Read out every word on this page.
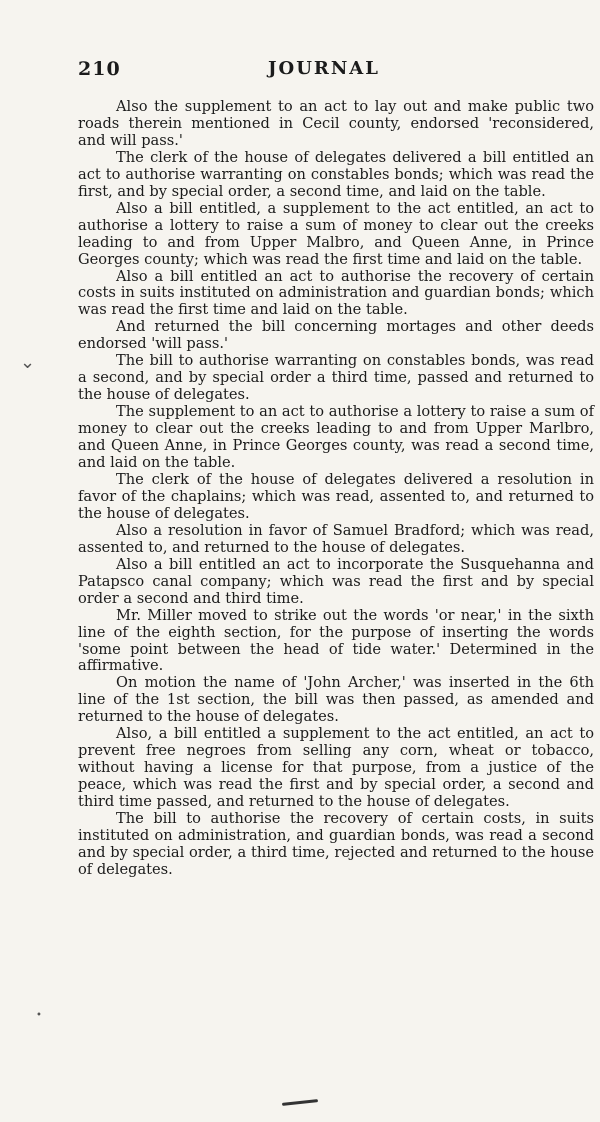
210	JOURNAL

Also the supplement to an act to lay out and make public two roads therein mentioned in Cecil county, endorsed 'reconsidered, and will pass.'

The clerk of the house of delegates delivered a bill entitled an act to authorise warranting on constables bonds; which was read the first, and by special order, a second time, and laid on the table.

Also a bill entitled, a supplement to the act entitled, an act to authorise a lottery to raise a sum of money to clear out the creeks leading to and from Upper Malbro, and Queen Anne, in Prince Georges county; which was read the first time and laid on the table.

Also a bill entitled an act to authorise the recovery of certain costs in suits instituted on administration and guardian bonds; which was read the first time and laid on the table.

And returned the bill concerning mortages and other deeds endorsed 'will pass.'

The bill to authorise warranting on constables bonds, was read a second, and by special order a third time, passed and returned to the house of delegates.

The supplement to an act to authorise a lottery to raise a sum of money to clear out the creeks leading to and from Upper Marlbro, and Queen Anne, in Prince Georges county, was read a second time, and laid on the table.

The clerk of the house of delegates delivered a resolution in favor of the chaplains; which was read, assented to, and returned to the house of delegates.

Also a resolution in favor of Samuel Bradford; which was read, assented to, and returned to the house of delegates.

Also a bill entitled an act to incorporate the Susquehanna and Patapsco canal company; which was read the first and by special order a second and third time.

Mr. Miller moved to strike out the words 'or near,' in the sixth line of the eighth section, for the purpose of inserting the words 'some point between the head of tide water.' Determined in the affirmative.

On motion the name of 'John Archer,' was inserted in the 6th line of the 1st section, the bill was then passed, as amended and returned to the house of delegates.

Also, a bill entitled a supplement to the act entitled, an act to prevent free negroes from selling any corn, wheat or tobacco, without having a license for that purpose, from a justice of the peace, which was read the first and by special order, a second and third time passed, and returned to the house of delegates.

The bill to authorise the recovery of certain costs, in suits instituted on administration, and guardian bonds, was read a second and by special order, a third time, rejected and returned to the house of delegates.

⌄
•
